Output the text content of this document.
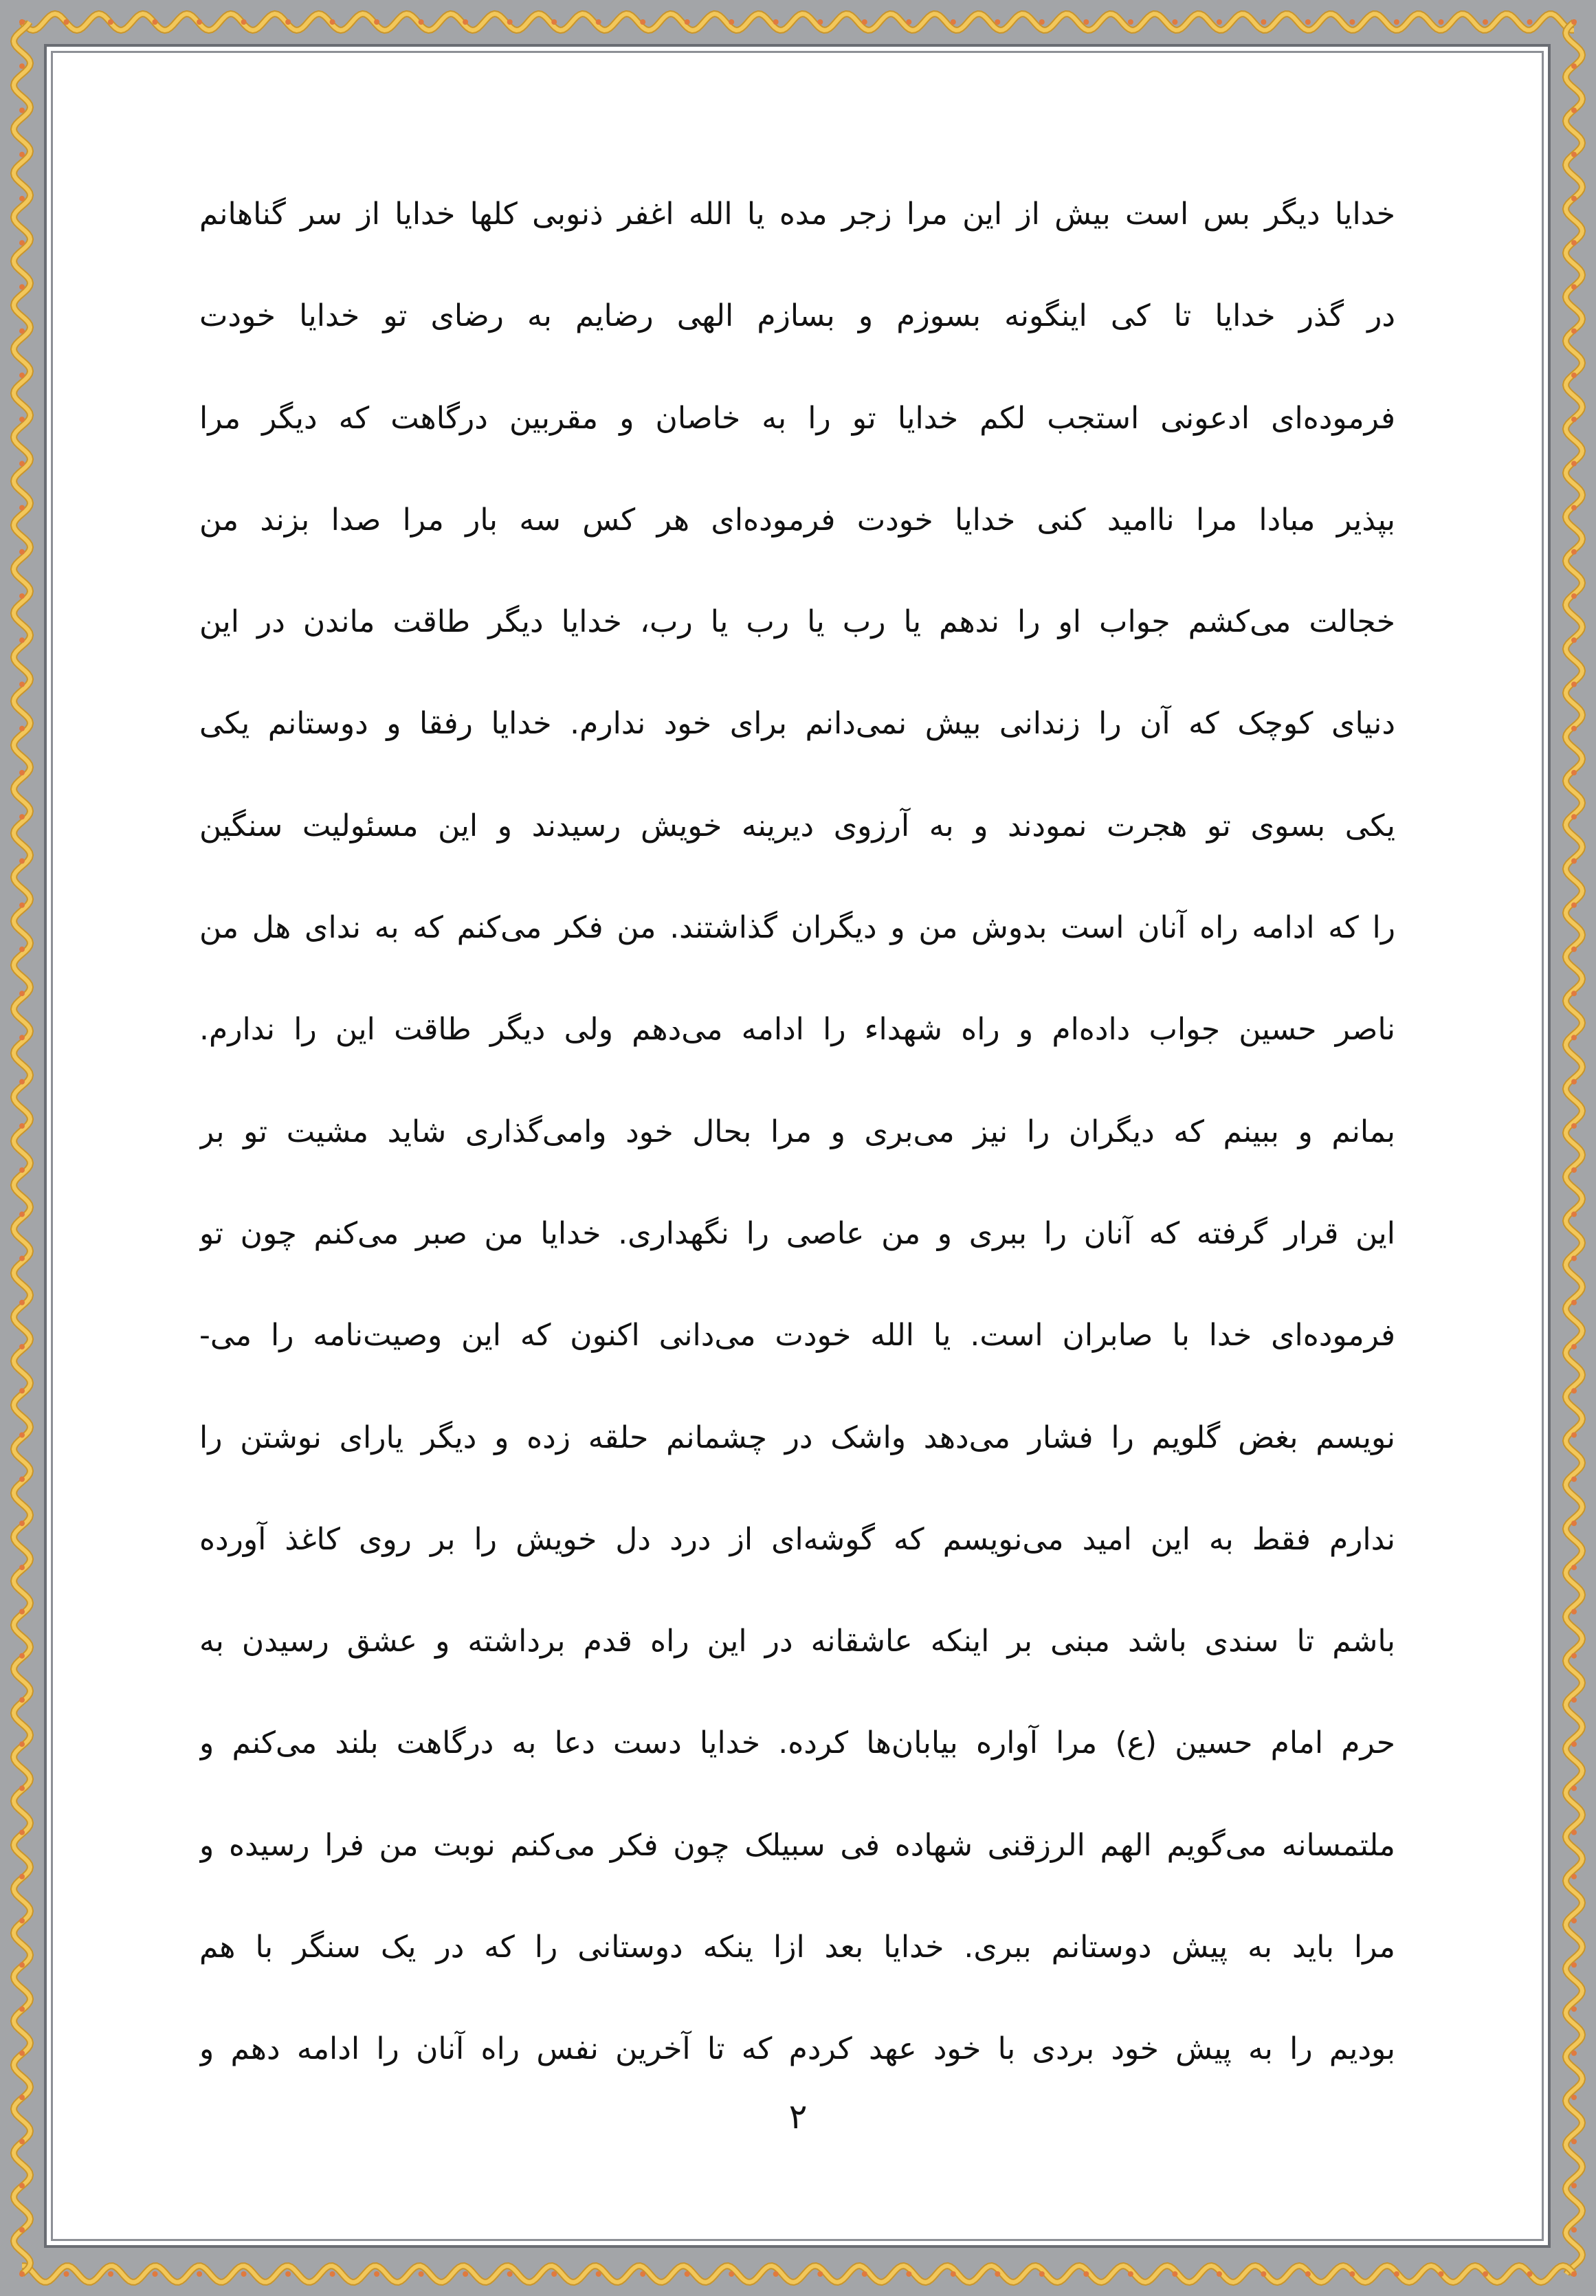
خدایا دیگر بس است بیش از این مرا زجر مده یا الله اغفر ذنوبی کلها خدایا از سر گناهانم
در گذر خدایا تا کی اینگونه بسوزم و بسازم الهی رضایم به رضای تو خدایا خودت
فرموده‌ای ادعونی استجب لکم خدایا تو را به خاصان و مقربین درگاهت که دیگر مرا
بپذیر مبادا مرا ناامید کنی خدایا خودت فرموده‌ای هر کس سه بار مرا صدا بزند من
خجالت می‌کشم جواب او را ندهم یا رب یا رب یا رب، خدایا دیگر طاقت ماندن در این
دنیای کوچک که آن را زندانی بیش نمی‌دانم برای خود ندارم. خدایا رفقا و دوستانم یکی
یکی بسوی تو هجرت نمودند و به آرزوی دیرینه خویش رسیدند و این مسئولیت سنگین
را که ادامه راه آنان است بدوش من و دیگران گذاشتند. من فکر می‌کنم که به ندای هل من
ناصر حسین جواب داده‌ام و راه شهداء را ادامه می‌دهم ولی دیگر طاقت این را ندارم.
بمانم و ببینم که دیگران را نیز می‌بری و مرا بحال خود وامی‌گذاری شاید مشیت تو بر
این قرار گرفته که آنان را ببری و من عاصی را نگهداری. خدایا من صبر می‌کنم چون تو
فرموده‌ای خدا با صابران است. یا الله خودت می‌دانی اکنون که این وصیت‌نامه را می-
نویسم بغض گلویم را فشار می‌دهد واشک در چشمانم حلقه زده و دیگر یارای نوشتن را
ندارم فقط به این امید می‌نویسم که گوشه‌ای از درد دل خویش را بر روی کاغذ آورده
باشم تا سندی باشد مبنی بر اینکه عاشقانه در این راه قدم برداشته و عشق رسیدن به
حرم امام حسین (ع) مرا آواره بیابان‌ها کرده. خدایا دست دعا به درگاهت بلند می‌کنم و
ملتمسانه می‌گویم الهم الرزقنی شهاده فی سبیلک چون فکر می‌کنم نوبت من فرا رسیده و
مرا باید به پیش دوستانم ببری. خدایا بعد ازا ینکه دوستانی را که در یک سنگر با هم
بودیم را به پیش خود بردی با خود عهد کردم که تا آخرین نفس راه آنان را ادامه دهم و
۲
